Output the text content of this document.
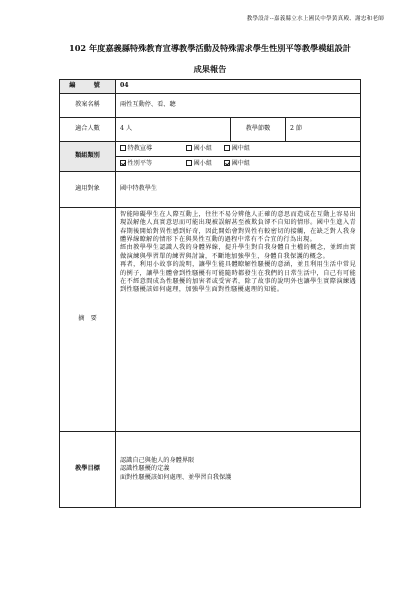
教學設計--嘉義縣立水上國民中學黃真殿、謝忠和老師
102 年度嘉義縣特殊教育宣導教學活動及特殊需求學生性別平等教學模組設計
成果報告
編　號	04		
教案名稱	兩性互動停、看、聽		
適合人數	4 人	教學節數	2 節
類組類別	特教宣導 國小組 國中組		
	性別平等 國小組 國中組		
適用對象	國中特教學生		
摘　要	智能障礙學生在人際互動上，往往不易分辨他人正確的意思而造成在互動上容易出現誤解他人真實意思而可能出現被誤解甚至被欺負卻不自知的情形。國中生進入青春期後開始對異性感到好奇，因此開始會對異性有較密切的接觸，在缺乏對人我身體界線瞭解的情形下在與異性互動的過程中常有不合宜的行為出現。
經由教學學生認識人我的身體界線，提升學生對自我身體自主權的概念，並經由實做演練與學習單的練習與討論，不斷地加強學生，身體自我保護的概念。
再者，利用小故事的說明，讓學生能具體瞭解性騷擾的意涵，並且利用生活中常見的例子，讓學生體會到性騷擾有可能隨時都發生在我們的日常生活中，自己有可能在不經意間成為性騷擾的加害者或受害者，除了故事的說明外也讓學生實際演練遇到性騷擾該如何處理，加強學生面對性騷擾處理的知能。		

教學目標	認識自己與他人的身體界限
認識性騷擾的定義
面對性騷擾該如何處理、並學習自我保護		
